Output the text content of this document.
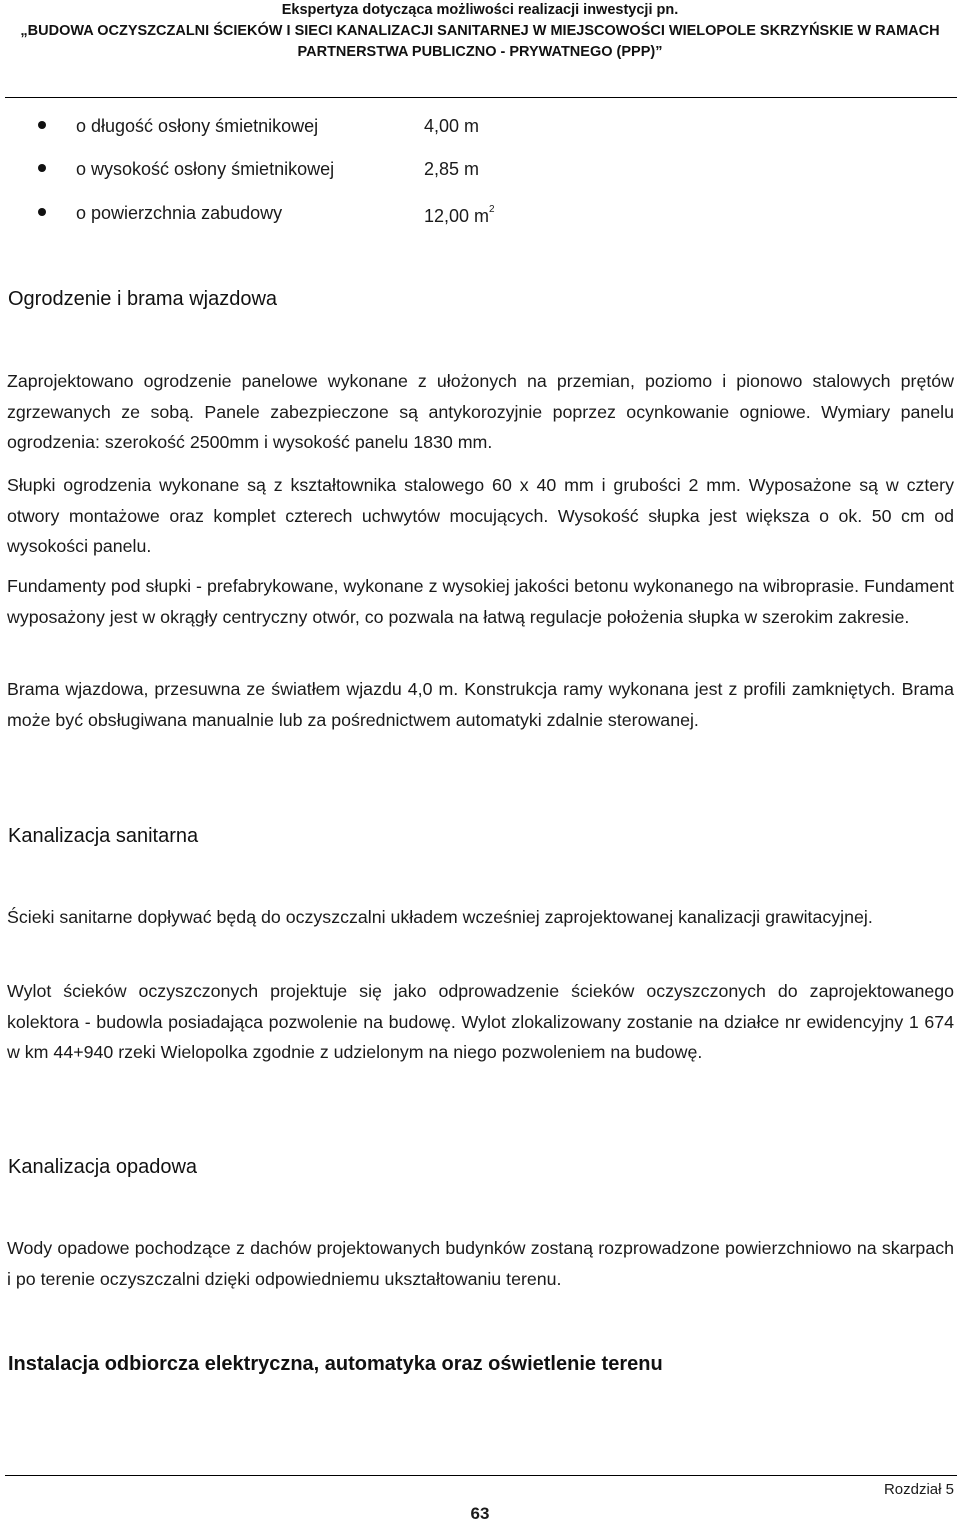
Ekspertyza dotycząca możliwości realizacji inwestycji pn.
„BUDOWA OCZYSZCZALNI ŚCIEKÓW I SIECI KANALIZACJI SANITARNEJ W MIEJSCOWOŚCI WIELOPOLE SKRZYŃSKIE W RAMACH
PARTNERSTWA PUBLICZNO - PRYWATNEGO (PPP)”
o długość osłony śmietnikowej	4,00 m
o wysokość osłony śmietnikowej	2,85 m
o powierzchnia zabudowy	12,00 $m^2$
Ogrodzenie i brama wjazdowa

Zaprojektowano ogrodzenie panelowe wykonane z ułożonych na przemian, poziomo i pionowo stalowych prętów zgrzewanych ze sobą. Panele zabezpieczone są antykorozyjnie poprzez ocynkowanie ogniowe. Wymiary panelu ogrodzenia: szerokość 2500mm i wysokość panelu 1830 mm.

Słupki ogrodzenia wykonane są z kształtownika stalowego 60 x 40 mm i grubości 2 mm. Wyposażone są w cztery otwory montażowe oraz komplet czterech uchwytów mocujących. Wysokość słupka jest większa o ok. 50 cm od wysokości panelu.

Fundamenty pod słupki - prefabrykowane, wykonane z wysokiej jakości betonu wykonanego na wibroprasie. Fundament wyposażony jest w okrągły centryczny otwór, co pozwala na łatwą regulacje położenia słupka w szerokim zakresie.

Brama wjazdowa, przesuwna ze światłem wjazdu 4,0 m. Konstrukcja ramy wykonana jest z profili zamkniętych. Brama może być obsługiwana manualnie lub za pośrednictwem automatyki zdalnie sterowanej.

Kanalizacja sanitarna

Ścieki sanitarne dopływać będą do oczyszczalni układem wcześniej zaprojektowanej kanalizacji grawitacyjnej.

Wylot ścieków oczyszczonych projektuje się jako odprowadzenie ścieków oczyszczonych do zaprojektowanego kolektora - budowla posiadająca pozwolenie na budowę. Wylot zlokalizowany zostanie na działce nr ewidencyjny 1 674 w km 44+940 rzeki Wielopolka zgodnie z udzielonym na niego pozwoleniem na budowę.

Kanalizacja opadowa

Wody opadowe pochodzące z dachów projektowanych budynków zostaną rozprowadzone powierzchniowo na skarpach i po terenie oczyszczalni dzięki odpowiedniemu ukształtowaniu terenu.

Instalacja odbiorcza elektryczna, automatyka oraz oświetlenie terenu
Rozdział 5
63
